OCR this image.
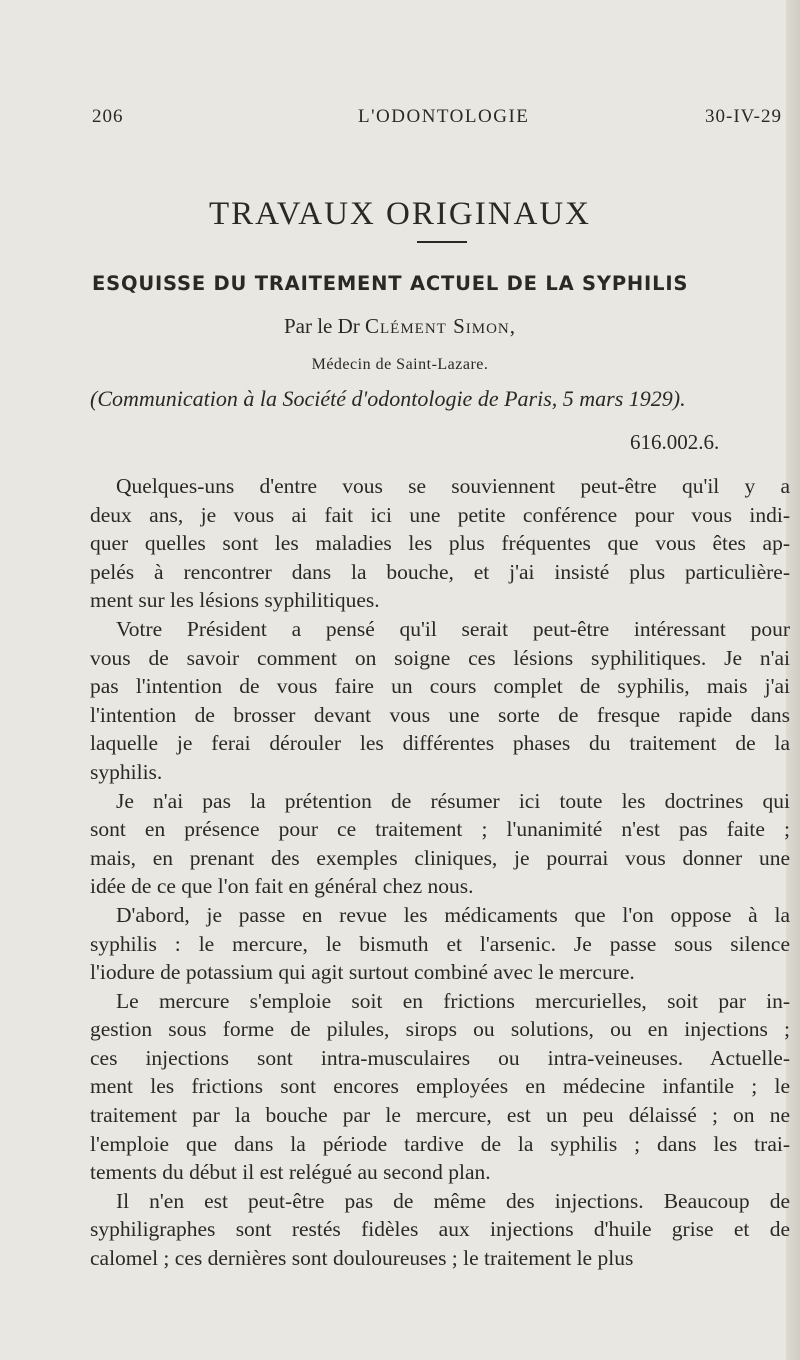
206	L'ODONTOLOGIE	30-IV-29
TRAVAUX ORIGINAUX
ESQUISSE DU TRAITEMENT ACTUEL DE LA SYPHILIS
Par le Dr Clément Simon,
Médecin de Saint-Lazare.
(Communication à la Société d'odontologie de Paris, 5 mars 1929).
616.002.6.
Quelques-uns d'entre vous se souviennent peut-être qu'il y a
deux ans, je vous ai fait ici une petite conférence pour vous indi-
quer quelles sont les maladies les plus fréquentes que vous êtes ap-
pelés à rencontrer dans la bouche, et j'ai insisté plus particulière-
ment sur les lésions syphilitiques.
Votre Président a pensé qu'il serait peut-être intéressant pour
vous de savoir comment on soigne ces lésions syphilitiques. Je n'ai
pas l'intention de vous faire un cours complet de syphilis, mais j'ai
l'intention de brosser devant vous une sorte de fresque rapide dans
laquelle je ferai dérouler les différentes phases du traitement de la
syphilis.
Je n'ai pas la prétention de résumer ici toute les doctrines qui
sont en présence pour ce traitement ; l'unanimité n'est pas faite ;
mais, en prenant des exemples cliniques, je pourrai vous donner une
idée de ce que l'on fait en général chez nous.
D'abord, je passe en revue les médicaments que l'on oppose à la
syphilis : le mercure, le bismuth et l'arsenic. Je passe sous silence
l'iodure de potassium qui agit surtout combiné avec le mercure.
Le mercure s'emploie soit en frictions mercurielles, soit par in-
gestion sous forme de pilules, sirops ou solutions, ou en injections ;
ces injections sont intra-musculaires ou intra-veineuses. Actuelle-
ment les frictions sont encores employées en médecine infantile ; le
traitement par la bouche par le mercure, est un peu délaissé ; on ne
l'emploie que dans la période tardive de la syphilis ; dans les trai-
tements du début il est relégué au second plan.
Il n'en est peut-être pas de même des injections. Beaucoup de
syphiligraphes sont restés fidèles aux injections d'huile grise et de
calomel ; ces dernières sont douloureuses ; le traitement le plus
